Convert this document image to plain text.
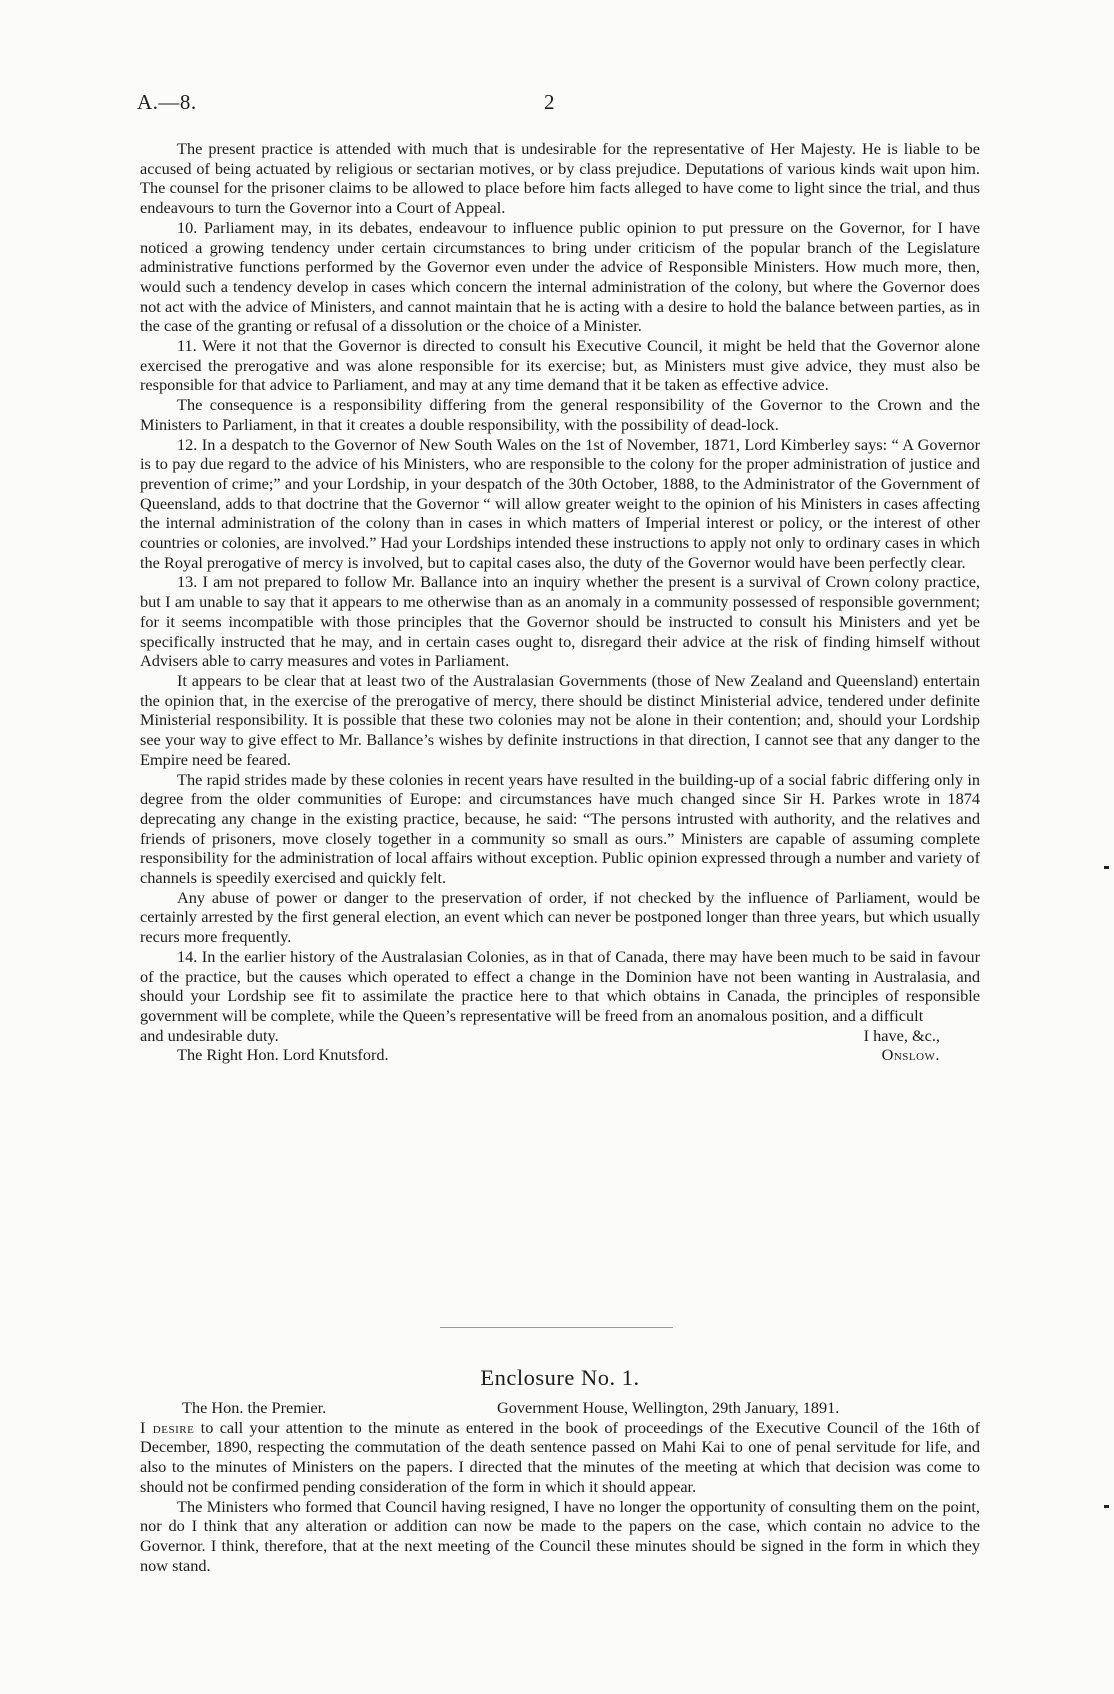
A.—8.	2

The present practice is attended with much that is undesirable for the representative of Her Majesty. He is liable to be accused of being actuated by religious or sectarian motives, or by class prejudice. Deputations of various kinds wait upon him. The counsel for the prisoner claims to be allowed to place before him facts alleged to have come to light since the trial, and thus endeavours to turn the Governor into a Court of Appeal.

10. Parliament may, in its debates, endeavour to influence public opinion to put pressure on the Governor, for I have noticed a growing tendency under certain circumstances to bring under criticism of the popular branch of the Legislature administrative functions performed by the Governor even under the advice of Responsible Ministers. How much more, then, would such a tendency develop in cases which concern the internal administration of the colony, but where the Governor does not act with the advice of Ministers, and cannot maintain that he is acting with a desire to hold the balance between parties, as in the case of the granting or refusal of a dissolution or the choice of a Minister.

11. Were it not that the Governor is directed to consult his Executive Council, it might be held that the Governor alone exercised the prerogative and was alone responsible for its exercise; but, as Ministers must give advice, they must also be responsible for that advice to Parliament, and may at any time demand that it be taken as effective advice.

The consequence is a responsibility differing from the general responsibility of the Governor to the Crown and the Ministers to Parliament, in that it creates a double responsibility, with the possibility of dead-lock.

12. In a despatch to the Governor of New South Wales on the 1st of November, 1871, Lord Kimberley says: “ A Governor is to pay due regard to the advice of his Ministers, who are responsible to the colony for the proper administration of justice and prevention of crime;” and your Lordship, in your despatch of the 30th October, 1888, to the Administrator of the Government of Queensland, adds to that doctrine that the Governor “ will allow greater weight to the opinion of his Ministers in cases affecting the internal administration of the colony than in cases in which matters of Imperial interest or policy, or the interest of other countries or colonies, are involved.” Had your Lordships intended these instructions to apply not only to ordinary cases in which the Royal prerogative of mercy is involved, but to capital cases also, the duty of the Governor would have been perfectly clear.

13. I am not prepared to follow Mr. Ballance into an inquiry whether the present is a survival of Crown colony practice, but I am unable to say that it appears to me otherwise than as an anomaly in a community possessed of responsible government; for it seems incompatible with those principles that the Governor should be instructed to consult his Ministers and yet be specifically instructed that he may, and in certain cases ought to, disregard their advice at the risk of finding himself without Advisers able to carry measures and votes in Parliament.

It appears to be clear that at least two of the Australasian Governments (those of New Zealand and Queensland) entertain the opinion that, in the exercise of the prerogative of mercy, there should be distinct Ministerial advice, tendered under definite Ministerial responsibility. It is possible that these two colonies may not be alone in their contention; and, should your Lordship see your way to give effect to Mr. Ballance’s wishes by definite instructions in that direction, I cannot see that any danger to the Empire need be feared.

The rapid strides made by these colonies in recent years have resulted in the building-up of a social fabric differing only in degree from the older communities of Europe: and circumstances have much changed since Sir H. Parkes wrote in 1874 deprecating any change in the existing practice, because, he said: “The persons intrusted with authority, and the relatives and friends of prisoners, move closely together in a community so small as ours.” Ministers are capable of assuming complete responsibility for the administration of local affairs without exception. Public opinion expressed through a number and variety of channels is speedily exercised and quickly felt.

Any abuse of power or danger to the preservation of order, if not checked by the influence of Parliament, would be certainly arrested by the first general election, an event which can never be postponed longer than three years, but which usually recurs more frequently.

14. In the earlier history of the Australasian Colonies, as in that of Canada, there may have been much to be said in favour of the practice, but the causes which operated to effect a change in the Dominion have not been wanting in Australasia, and should your Lordship see fit to assimilate the practice here to that which obtains in Canada, the principles of responsible government will be complete, while the Queen’s representative will be freed from an anomalous position, and a difficult

and undesirable duty.	I have, &c.,
The Right Hon. Lord Knutsford.	Onslow.
Enclosure No. 1.
The Hon. the Premier.	Government House, Wellington, 29th January, 1891.

I desire to call your attention to the minute as entered in the book of proceedings of the Executive Council of the 16th of December, 1890, respecting the commutation of the death sentence passed on Mahi Kai to one of penal servitude for life, and also to the minutes of Ministers on the papers. I directed that the minutes of the meeting at which that decision was come to should not be confirmed pending consideration of the form in which it should appear.

The Ministers who formed that Council having resigned, I have no longer the opportunity of consulting them on the point, nor do I think that any alteration or addition can now be made to the papers on the case, which contain no advice to the Governor. I think, therefore, that at the next meeting of the Council these minutes should be signed in the form in which they now stand.
